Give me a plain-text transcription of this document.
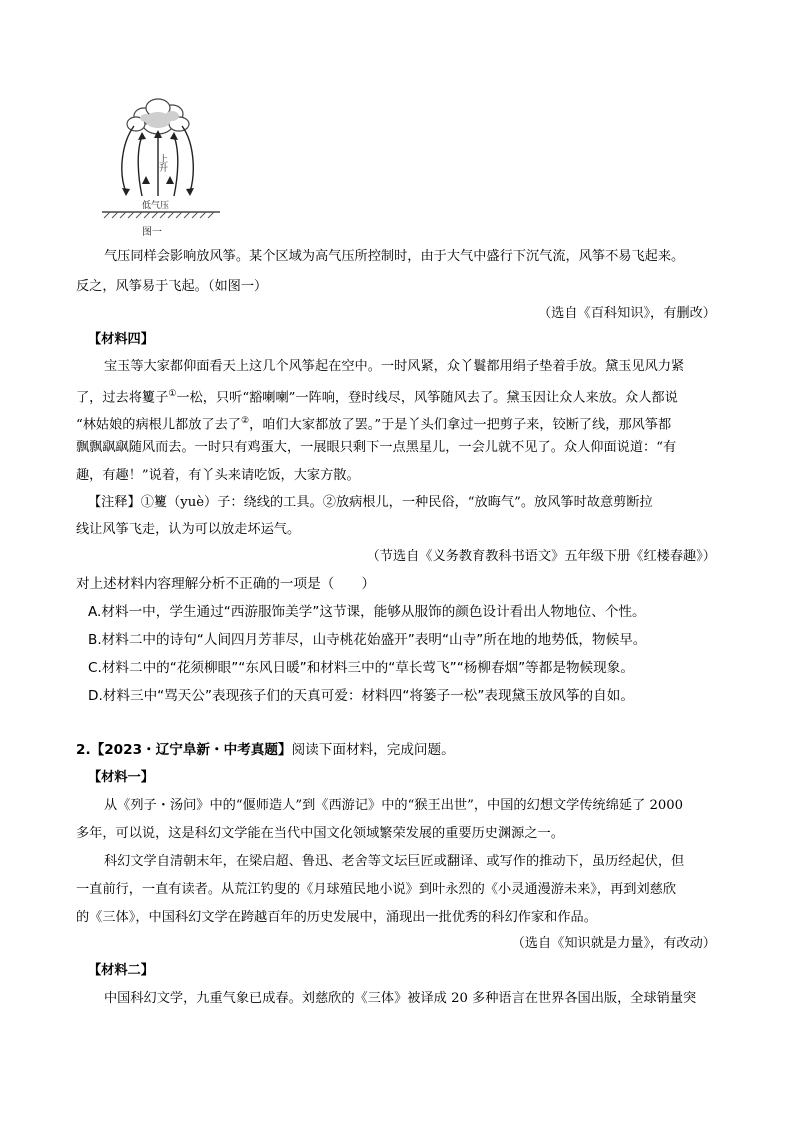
上升
低气压
图一
气压同样会影响放风筝。某个区域为高气压所控制时，由于大气中盛行下沉气流，风筝不易飞起来。
反之，风筝易于飞起。（如图一）
（选自《百科知识》，有删改）
【材料四】
宝玉等大家都仰面看天上这几个风筝起在空中。一时风紧，众丫鬟都用绢子垫着手放。黛玉见风力紧
了，过去将籰子①一松，只听“豁喇喇”一阵响，登时线尽，风筝随风去了。黛玉因让众人来放。众人都说
“林姑娘的病根儿都放了去了②，咱们大家都放了罢。”于是丫头们拿过一把剪子来，铰断了线，那风筝都
飘飘飖飖随风而去。一时只有鸡蛋大，一展眼只剩下一点黑星儿，一会儿就不见了。众人仰面说道：“有
趣，有趣！”说着，有丫头来请吃饭，大家方散。
【注释】①籰（yuè）子：绕线的工具。②放病根儿，一种民俗，“放晦气”。放风筝时故意剪断拉
线让风筝飞走，认为可以放走坏运气。
（节选自《义务教育教科书语文》五年级下册《红楼春趣》）
对上述材料内容理解分析不正确的一项是（　　）
A.材料一中，学生通过“西游服饰美学”这节课，能够从服饰的颜色设计看出人物地位、个性。
B.材料二中的诗句“人间四月芳菲尽，山寺桃花始盛开”表明“山寺”所在地的地势低，物候早。
C.材料二中的“花须柳眼”“东风日暖”和材料三中的“草长莺飞”“杨柳春烟”等都是物候现象。
D.材料三中“骂天公”表现孩子们的天真可爱：材料四“将篓子一松”表现黛玉放风筝的自如。
2.【2023・辽宁阜新・中考真题】阅读下面材料，完成问题。
【材料一】
从《列子・汤问》中的“偃师造人”到《西游记》中的“猴王出世”，中国的幻想文学传统绵延了 2000
多年，可以说，这是科幻文学能在当代中国文化领域繁荣发展的重要历史渊源之一。
科幻文学自清朝末年，在梁启超、鲁迅、老舍等文坛巨匠或翻译、或写作的推动下，虽历经起伏，但
一直前行，一直有读者。从荒江钓叟的《月球殖民地小说》到叶永烈的《小灵通漫游未来》，再到刘慈欣
的《三体》，中国科幻文学在跨越百年的历史发展中，涌现出一批优秀的科幻作家和作品。
（选自《知识就是力量》，有改动）
【材料二】
中国科幻文学，九重气象已成春。刘慈欣的《三体》被译成 20 多种语言在世界各国出版，全球销量突
